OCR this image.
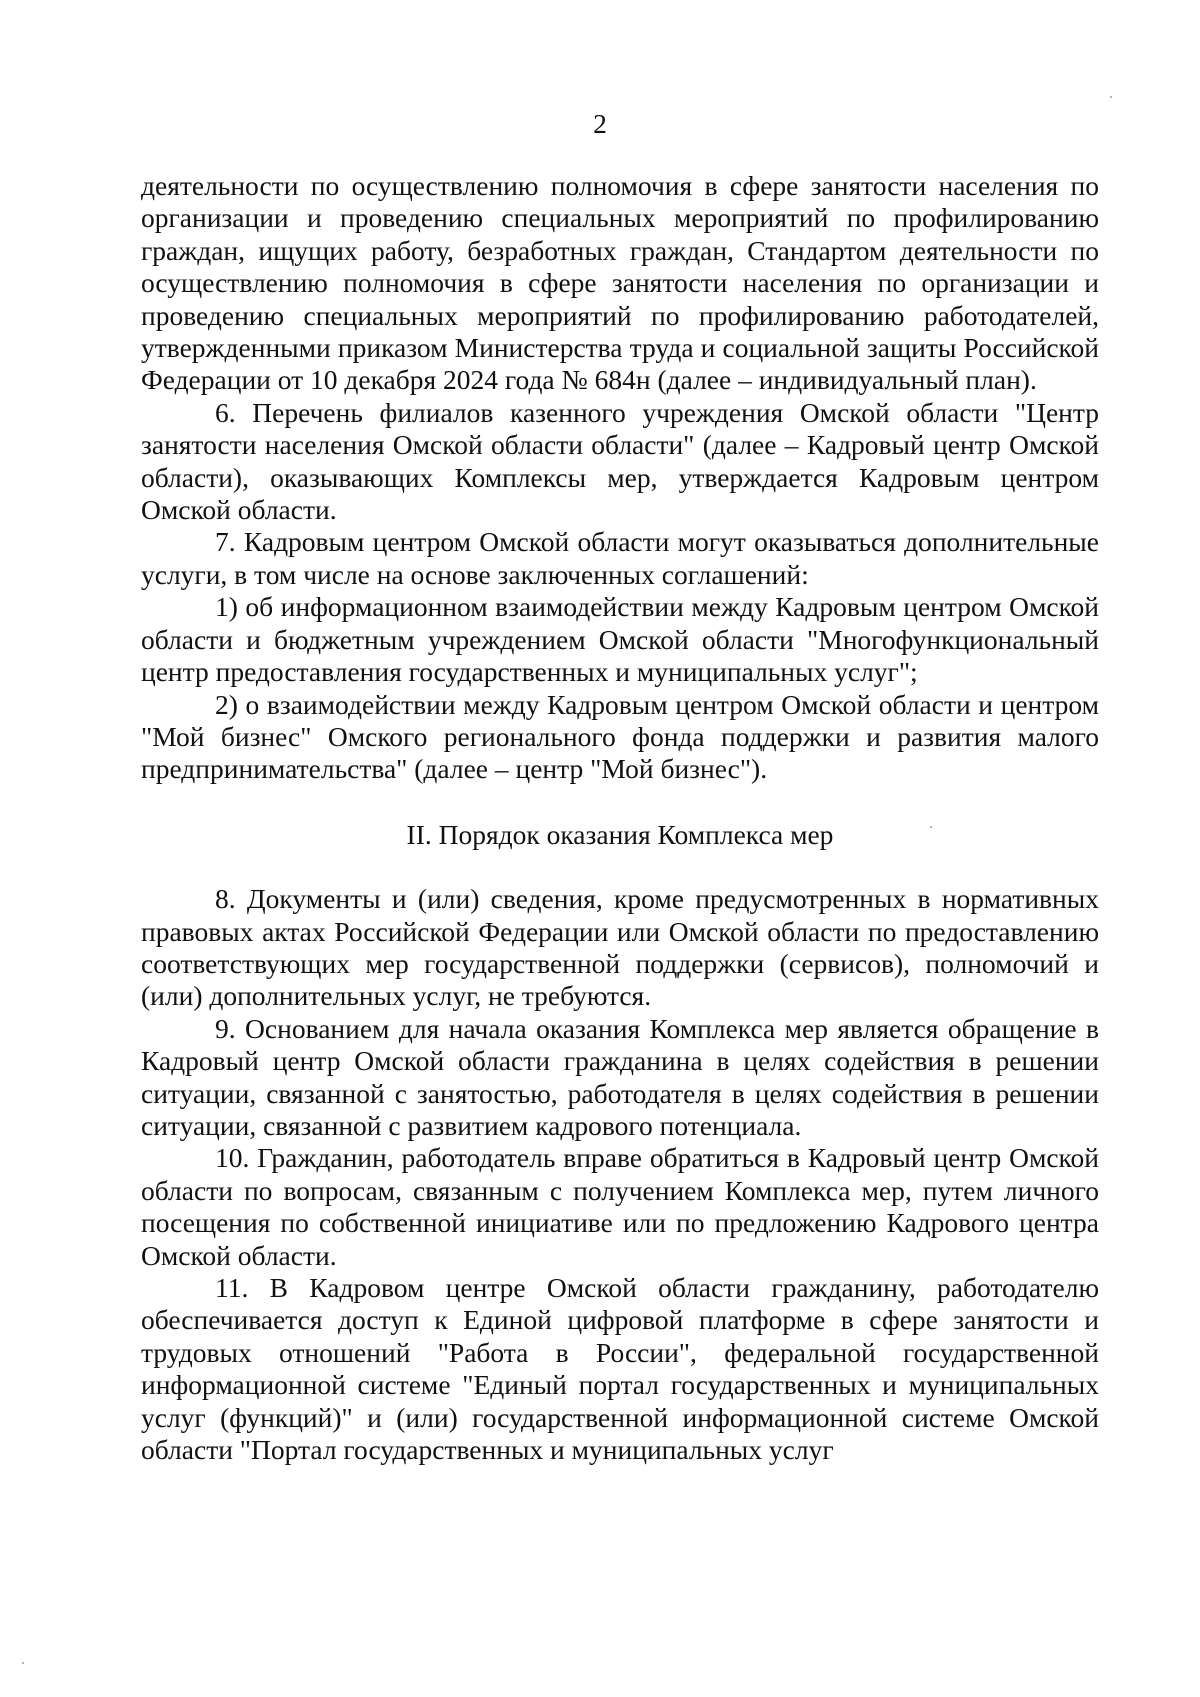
2

деятельности по осуществлению полномочия в сфере занятости населения по организации и проведению специальных мероприятий по профилированию граждан, ищущих работу, безработных граждан, Стандартом деятельности по осуществлению полномочия в сфере занятости населения по организации и проведению специальных мероприятий по профилированию работодателей, утвержденными приказом Министерства труда и социальной защиты Российской Федерации от 10 декабря 2024 года № 684н (далее – индивидуальный план).

6. Перечень филиалов казенного учреждения Омской области "Центр занятости населения Омской области области" (далее – Кадровый центр Омской области), оказывающих Комплексы мер, утверждается Кадровым центром Омской области.

7. Кадровым центром Омской области могут оказываться дополнительные услуги, в том числе на основе заключенных соглашений:

1) об информационном взаимодействии между Кадровым центром Омской области и бюджетным учреждением Омской области "Многофункциональный центр предоставления государственных и муниципальных услуг";

2) о взаимодействии между Кадровым центром Омской области и центром "Мой бизнес" Омского регионального фонда поддержки и развития малого предпринимательства" (далее – центр "Мой бизнес").

II. Порядок оказания Комплекса мер

8. Документы и (или) сведения, кроме предусмотренных в нормативных правовых актах Российской Федерации или Омской области по предоставлению соответствующих мер государственной поддержки (сервисов), полномочий и (или) дополнительных услуг, не требуются.

9. Основанием для начала оказания Комплекса мер является обращение в Кадровый центр Омской области гражданина в целях содействия в решении ситуации, связанной с занятостью, работодателя в целях содействия в решении ситуации, связанной с развитием кадрового потенциала.

10. Гражданин, работодатель вправе обратиться в Кадровый центр Омской области по вопросам, связанным с получением Комплекса мер, путем личного посещения по собственной инициативе или по предложению Кадрового центра Омской области.

11. В Кадровом центре Омской области гражданину, работодателю обеспечивается доступ к Единой цифровой платформе в сфере занятости и трудовых отношений "Работа в России", федеральной государственной информационной системе "Единый портал государственных и муниципальных услуг (функций)" и (или) государственной информационной системе Омской области "Портал государственных и муниципальных услуг
